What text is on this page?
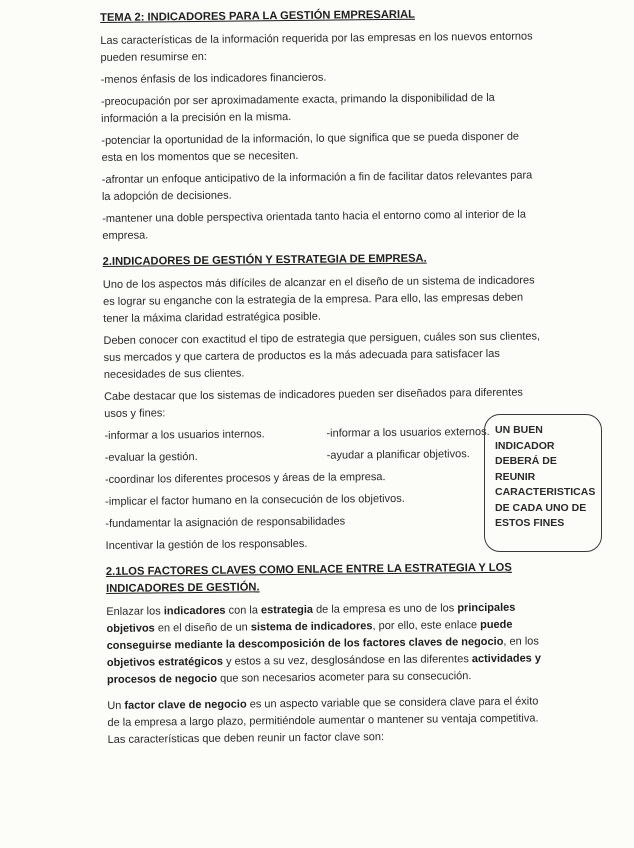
TEMA 2: INDICADORES PARA LA GESTIÓN EMPRESARIAL

Las características de la información requerida por las empresas en los nuevos entornos pueden resumirse en:

-menos énfasis de los indicadores financieros.

-preocupación por ser aproximadamente exacta, primando la disponibilidad de la información a la precisión en la misma.

-potenciar la oportunidad de la información, lo que significa que se pueda disponer de esta en los momentos que se necesiten.

-afrontar un enfoque anticipativo de la información a fin de facilitar datos relevantes para la adopción de decisiones.

-mantener una doble perspectiva orientada tanto hacia el entorno como al interior de la empresa.

2.INDICADORES DE GESTIÓN Y ESTRATEGIA DE EMPRESA.

Uno de los aspectos más difíciles de alcanzar en el diseño de un sistema de indicadores es lograr su enganche con la estrategia de la empresa. Para ello, las empresas deben tener la máxima claridad estratégica posible.

Deben conocer con exactitud el tipo de estrategia que persiguen, cuáles son sus clientes, sus mercados y que cartera de productos es la más adecuada para satisfacer las necesidades de sus clientes.

Cabe destacar que los sistemas de indicadores pueden ser diseñados para diferentes usos y fines:

-informar a los usuarios internos.	-informar a los usuarios externos.
-evaluar la gestión.	-ayudar a planificar objetivos.

-coordinar los diferentes procesos y áreas de la empresa.

-implicar el factor humano en la consecución de los objetivos.

-fundamentar la asignación de responsabilidades

Incentivar la gestión de los responsables.

2.1LOS FACTORES CLAVES COMO ENLACE ENTRE LA ESTRATEGIA Y LOS INDICADORES DE GESTIÓN.

Enlazar los indicadores con la estrategia de la empresa es uno de los principales objetivos en el diseño de un sistema de indicadores, por ello, este enlace puede conseguirse mediante la descomposición de los factores claves de negocio, en los objetivos estratégicos y estos a su vez, desglosándose en las diferentes actividades y procesos de negocio que son necesarios acometer para su consecución.

Un factor clave de negocio es un aspecto variable que se considera clave para el éxito de la empresa a largo plazo, permitiéndole aumentar o mantener su ventaja competitiva. Las características que deben reunir un factor clave son:

UN BUEN INDICADOR DEBERÁ DE REUNIR CARACTERISTICAS DE CADA UNO DE ESTOS FINES
